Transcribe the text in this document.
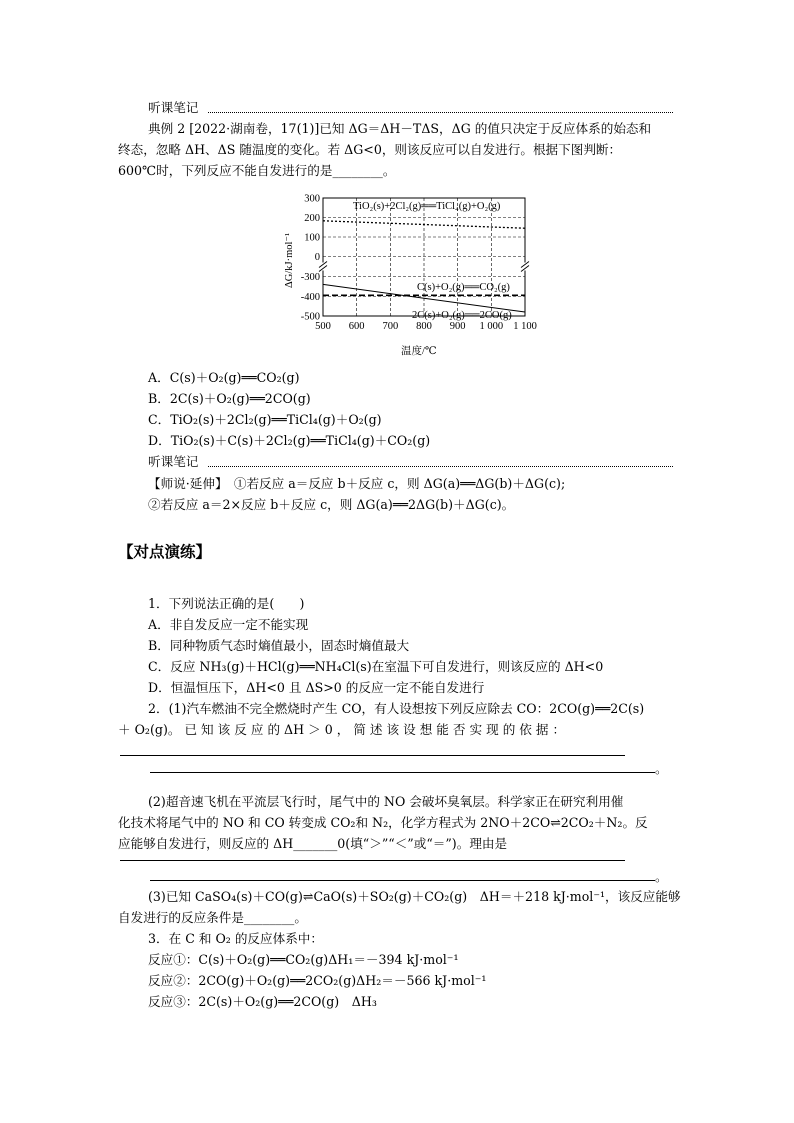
听课笔记
典例 2 [2022·湖南卷，17(1)]已知 ΔG＝ΔH－TΔS，ΔG 的值只决定于反应体系的始态和
终态，忽略 ΔH、ΔS 随温度的变化。若 ΔG<0，则该反应可以自发进行。根据下图判断：
600℃时，下列反应不能自发进行的是________。
500 600 700 800 900 1 000 1 100
300
200
100
0
-300
-400
-500
TiO₂(s)+2Cl₂(g)══TiCl₄(g)+O₂(g)
C(s)+O₂(g)══CO₂(g)
2C(s)+O₂(g)══2CO(g)
温度/℃
ΔG/kJ·mol⁻¹
A．C(s)＋O₂(g)══CO₂(g)
B．2C(s)＋O₂(g)══2CO(g)
C．TiO₂(s)＋2Cl₂(g)══TiCl₄(g)＋O₂(g)
D．TiO₂(s)＋C(s)＋2Cl₂(g)══TiCl₄(g)＋CO₂(g)
听课笔记
【师说·延伸】　①若反应 a＝反应 b＋反应 c，则 ΔG(a)══ΔG(b)＋ΔG(c);
②若反应 a＝2×反应 b＋反应 c，则 ΔG(a)══2ΔG(b)＋ΔG(c)。
【对点演练】
1．下列说法正确的是(　　)
A．非自发反应一定不能实现
B．同种物质气态时熵值最小，固态时熵值最大
C．反应 NH₃(g)＋HCl(g)══NH₄Cl(s)在室温下可自发进行，则该反应的 ΔH<0
D．恒温恒压下，ΔH<0 且 ΔS>0 的反应一定不能自发进行
2．(1)汽车燃油不完全燃烧时产生 CO，有人设想按下列反应除去 CO：2CO(g)══2C(s)
＋ O₂(g)。 已 知 该 反 应 的 ΔH ＞ 0 ， 简 述 该 设 想 能 否 实 现 的 依 据 ：
。
(2)超音速飞机在平流层飞行时，尾气中的 NO 会破坏臭氧层。科学家正在研究利用催
化技术将尾气中的 NO 和 CO 转变成 CO₂和 N₂，化学方程式为 2NO＋2CO⇌2CO₂＋N₂。反
应能够自发进行，则反应的 ΔH_______0(填“＞”“＜”或“＝”)。理由是
。
(3)已知 CaSO₄(s)＋CO(g)⇌CaO(s)＋SO₂(g)＋CO₂(g)　ΔH＝＋218 kJ·mol⁻¹，该反应能够
自发进行的反应条件是________。
3．在 C 和 O₂ 的反应体系中：
反应①：C(s)＋O₂(g)══CO₂(g)ΔH₁＝－394 kJ·mol⁻¹
反应②：2CO(g)＋O₂(g)══2CO₂(g)ΔH₂＝－566 kJ·mol⁻¹
反应③：2C(s)＋O₂(g)══2CO(g)　ΔH₃
